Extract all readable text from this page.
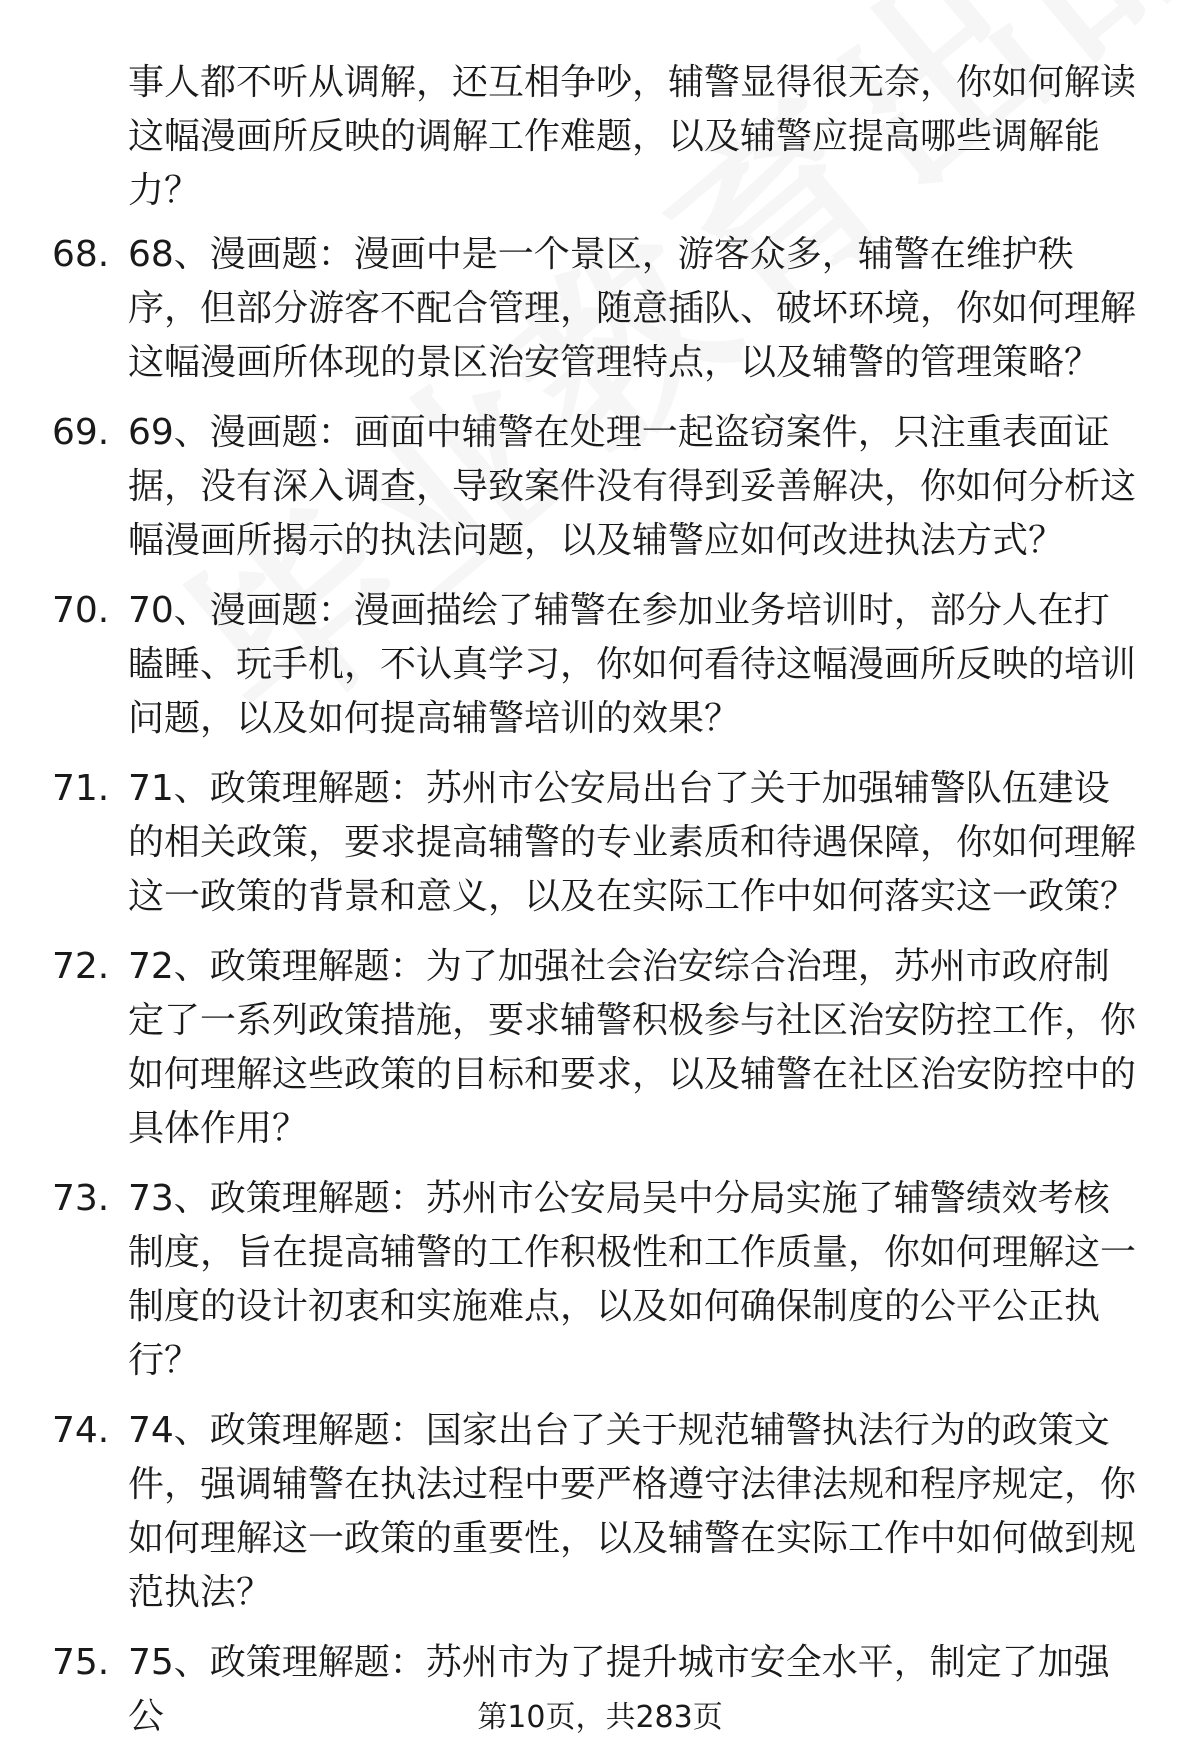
事人都不听从调解，还互相争吵，辅警显得很无奈，你如何解读这幅漫画所反映的调解工作难题，以及辅警应提高哪些调解能力？
68. 68、漫画题：漫画中是一个景区，游客众多，辅警在维护秩序，但部分游客不配合管理，随意插队、破坏环境，你如何理解这幅漫画所体现的景区治安管理特点，以及辅警的管理策略？
69. 69、漫画题：画面中辅警在处理一起盗窃案件，只注重表面证据，没有深入调查，导致案件没有得到妥善解决，你如何分析这幅漫画所揭示的执法问题，以及辅警应如何改进执法方式？
70. 70、漫画题：漫画描绘了辅警在参加业务培训时，部分人在打瞌睡、玩手机，不认真学习，你如何看待这幅漫画所反映的培训问题，以及如何提高辅警培训的效果？
71. 71、政策理解题：苏州市公安局出台了关于加强辅警队伍建设的相关政策，要求提高辅警的专业素质和待遇保障，你如何理解这一政策的背景和意义，以及在实际工作中如何落实这一政策？
72. 72、政策理解题：为了加强社会治安综合治理，苏州市政府制定了一系列政策措施，要求辅警积极参与社区治安防控工作，你如何理解这些政策的目标和要求，以及辅警在社区治安防控中的具体作用？
73. 73、政策理解题：苏州市公安局吴中分局实施了辅警绩效考核制度，旨在提高辅警的工作积极性和工作质量，你如何理解这一制度的设计初衷和实施难点，以及如何确保制度的公平公正执行？
74. 74、政策理解题：国家出台了关于规范辅警执法行为的政策文件，强调辅警在执法过程中要严格遵守法律法规和程序规定，你如何理解这一政策的重要性，以及辅警在实际工作中如何做到规范执法？
75. 75、政策理解题：苏州市为了提升城市安全水平，制定了加强公	第10页，共283页
